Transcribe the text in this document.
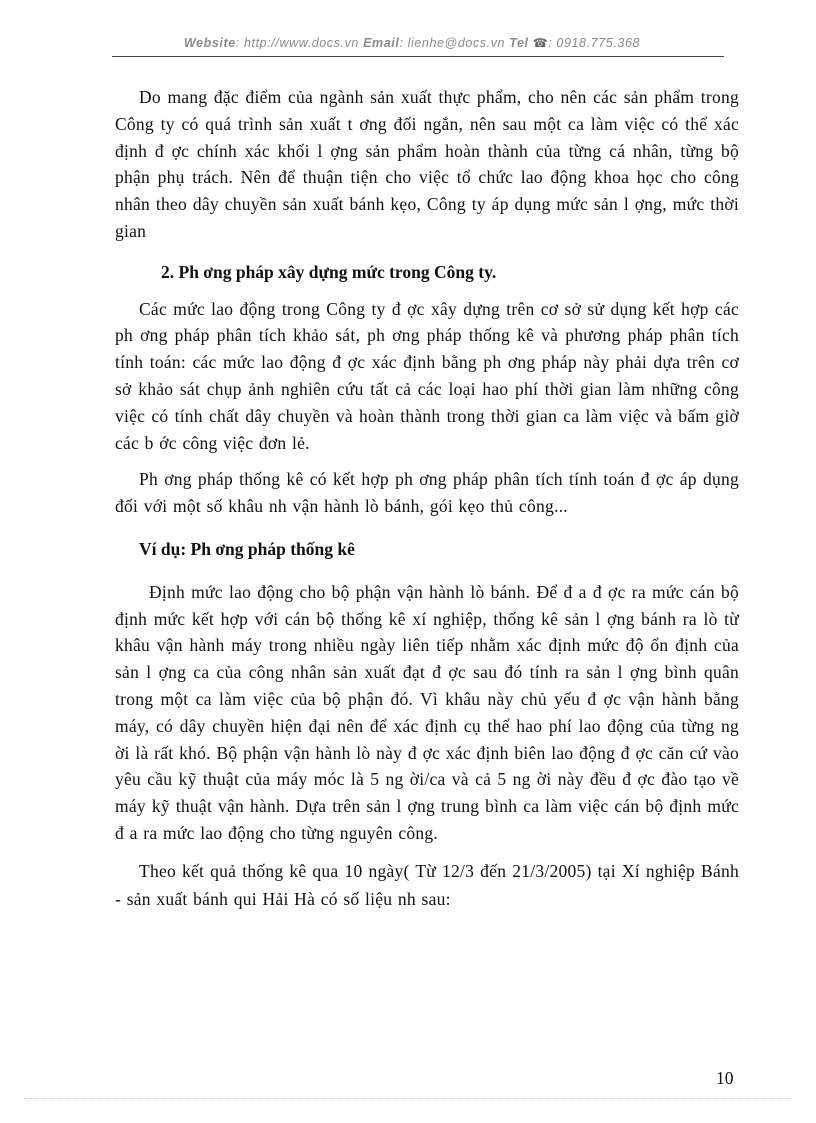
Website: http://www.docs.vn Email: lienhe@docs.vn Tel ☎: 0918.775.368

Do mang đặc điểm của ngành sản xuất thực phẩm, cho nên các sản phẩm trong Công ty có quá trình sản xuất t ơng đối ngắn, nên sau một ca làm việc có thể xác định đ ợc chính xác khối l ợng sản phẩm hoàn thành của từng cá nhân, từng bộ phận phụ trách. Nên để thuận tiện cho việc tổ chức lao động khoa học cho công nhân theo dây chuyền sản xuất bánh kẹo, Công ty áp dụng mức sản l ợng, mức thời gian

2. Ph ơng pháp xây dựng mức trong Công ty.

Các mức lao động trong Công ty đ ợc xây dựng trên cơ sở sử dụng kết hợp các ph ơng pháp phân tích khảo sát, ph ơng pháp thống kê và phương pháp phân tích tính toán: các mức lao động đ ợc xác định bằng ph ơng pháp này phải dựa trên cơ sở khảo sát chụp ảnh nghiên cứu tất cả các loại hao phí thời gian làm những công việc có tính chất dây chuyền và hoàn thành trong thời gian ca làm việc và bấm giờ các b ớc công việc đơn lẻ.

Ph ơng pháp thống kê có kết hợp ph ơng pháp phân tích tính toán đ ợc áp dụng đối với một số khâu nh vận hành lò bánh, gói kẹo thủ công...

Ví dụ: Ph ơng pháp thống kê

Định mức lao động cho bộ phận vận hành lò bánh. Để đ a đ ợc ra mức cán bộ định mức kết hợp với cán bộ thống kê xí nghiệp, thống kê sản l ợng bánh ra lò từ khâu vận hành máy trong nhiều ngày liên tiếp nhằm xác định mức độ ổn định của sản l ợng ca của công nhân sản xuất đạt đ ợc sau đó tính ra sản l ợng bình quân trong một ca làm việc của bộ phận đó. Vì khâu này chủ yếu đ ợc vận hành bằng máy, có dây chuyền hiện đại nên để xác định cụ thể hao phí lao động của từng ng ời là rất khó. Bộ phận vận hành lò này đ ợc xác định biên lao động đ ợc căn cứ vào yêu cầu kỹ thuật của máy móc là 5 ng ời/ca và cả 5 ng ời này đều đ ợc đào tạo về máy kỹ thuật vận hành. Dựa trên sản l ợng trung bình ca làm việc cán bộ định mức đ a ra mức lao động cho từng nguyên công.

Theo kết quả thống kê qua 10 ngày( Từ 12/3 đến 21/3/2005) tại Xí nghiệp Bánh - sản xuất bánh qui Hải Hà có số liệu nh sau:

10
